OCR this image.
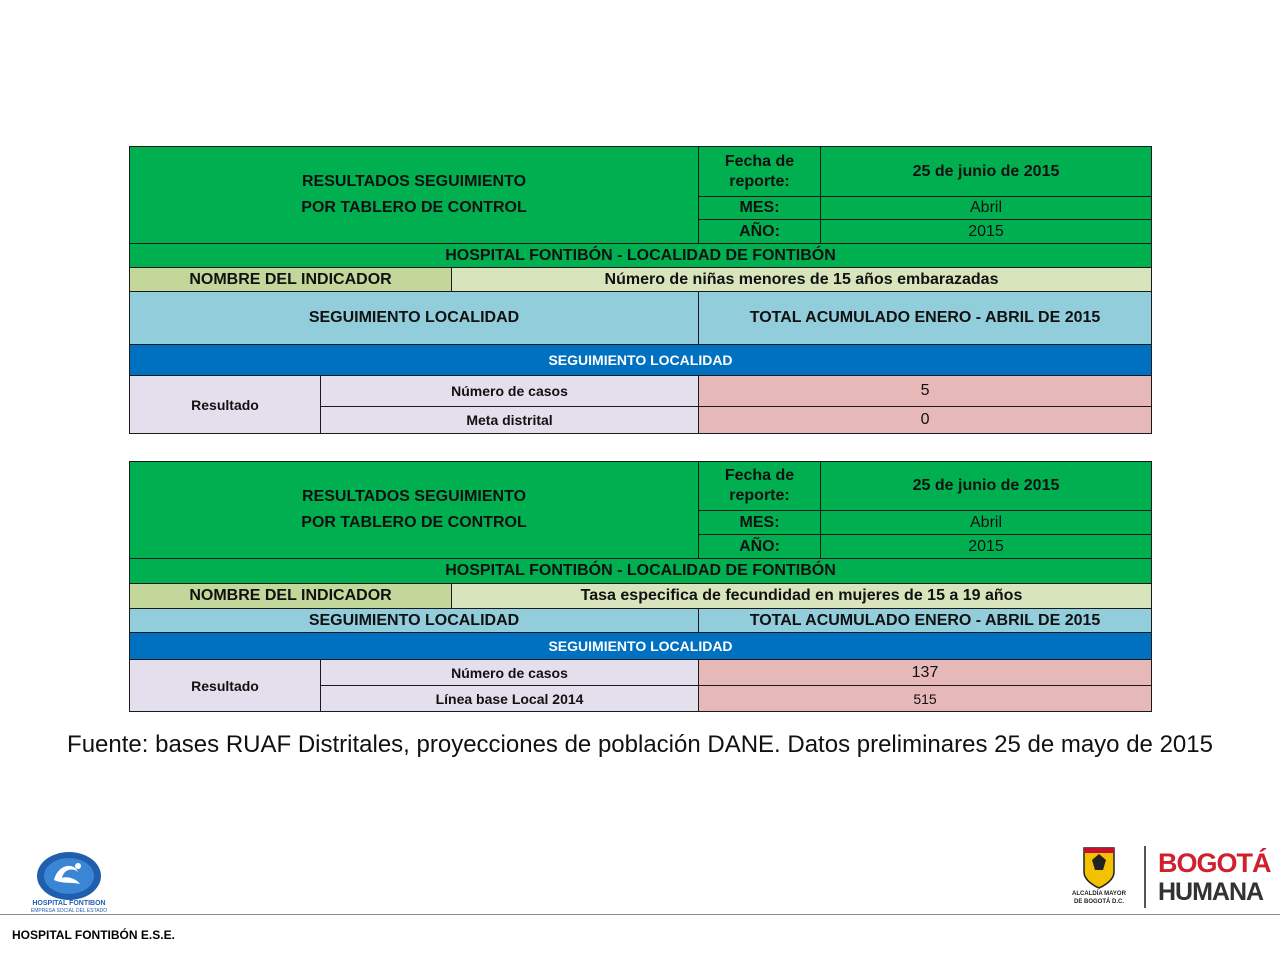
RESULTADOS SEGUIMIENTO
POR TABLERO DE CONTROL			Fecha de reporte:	25 de junio de 2015
			MES:	Abril
			AÑO:	2015
HOSPITAL FONTIBÓN - LOCALIDAD DE FONTIBÓN				
NOMBRE DEL INDICADOR		Número de niñas menores de 15 años embarazadas		
SEGUIMIENTO LOCALIDAD			TOTAL ACUMULADO ENERO - ABRIL DE 2015	
SEGUIMIENTO LOCALIDAD				
Resultado	Número de casos		5	
	Meta distrital		0	
RESULTADOS SEGUIMIENTO
POR TABLERO DE CONTROL			Fecha de reporte:	25 de junio de 2015
			MES:	Abril
			AÑO:	2015
HOSPITAL FONTIBÓN - LOCALIDAD DE FONTIBÓN				
NOMBRE DEL INDICADOR		Tasa especifica de fecundidad en mujeres de 15 a 19 años		
SEGUIMIENTO LOCALIDAD			TOTAL ACUMULADO ENERO - ABRIL DE 2015	
SEGUIMIENTO LOCALIDAD				
Resultado	Número de casos		137	
	Línea base Local 2014		515	
Fuente: bases RUAF Distritales, proyecciones de población DANE. Datos preliminares 25 de mayo de 2015
HOSPITAL FONTIBON
EMPRESA SOCIAL DEL ESTADO
ALCALDÍA MAYOR
DE BOGOTÁ D.C.
BOGOTÁ
HUMANA
HOSPITAL FONTIBÓN E.S.E.
